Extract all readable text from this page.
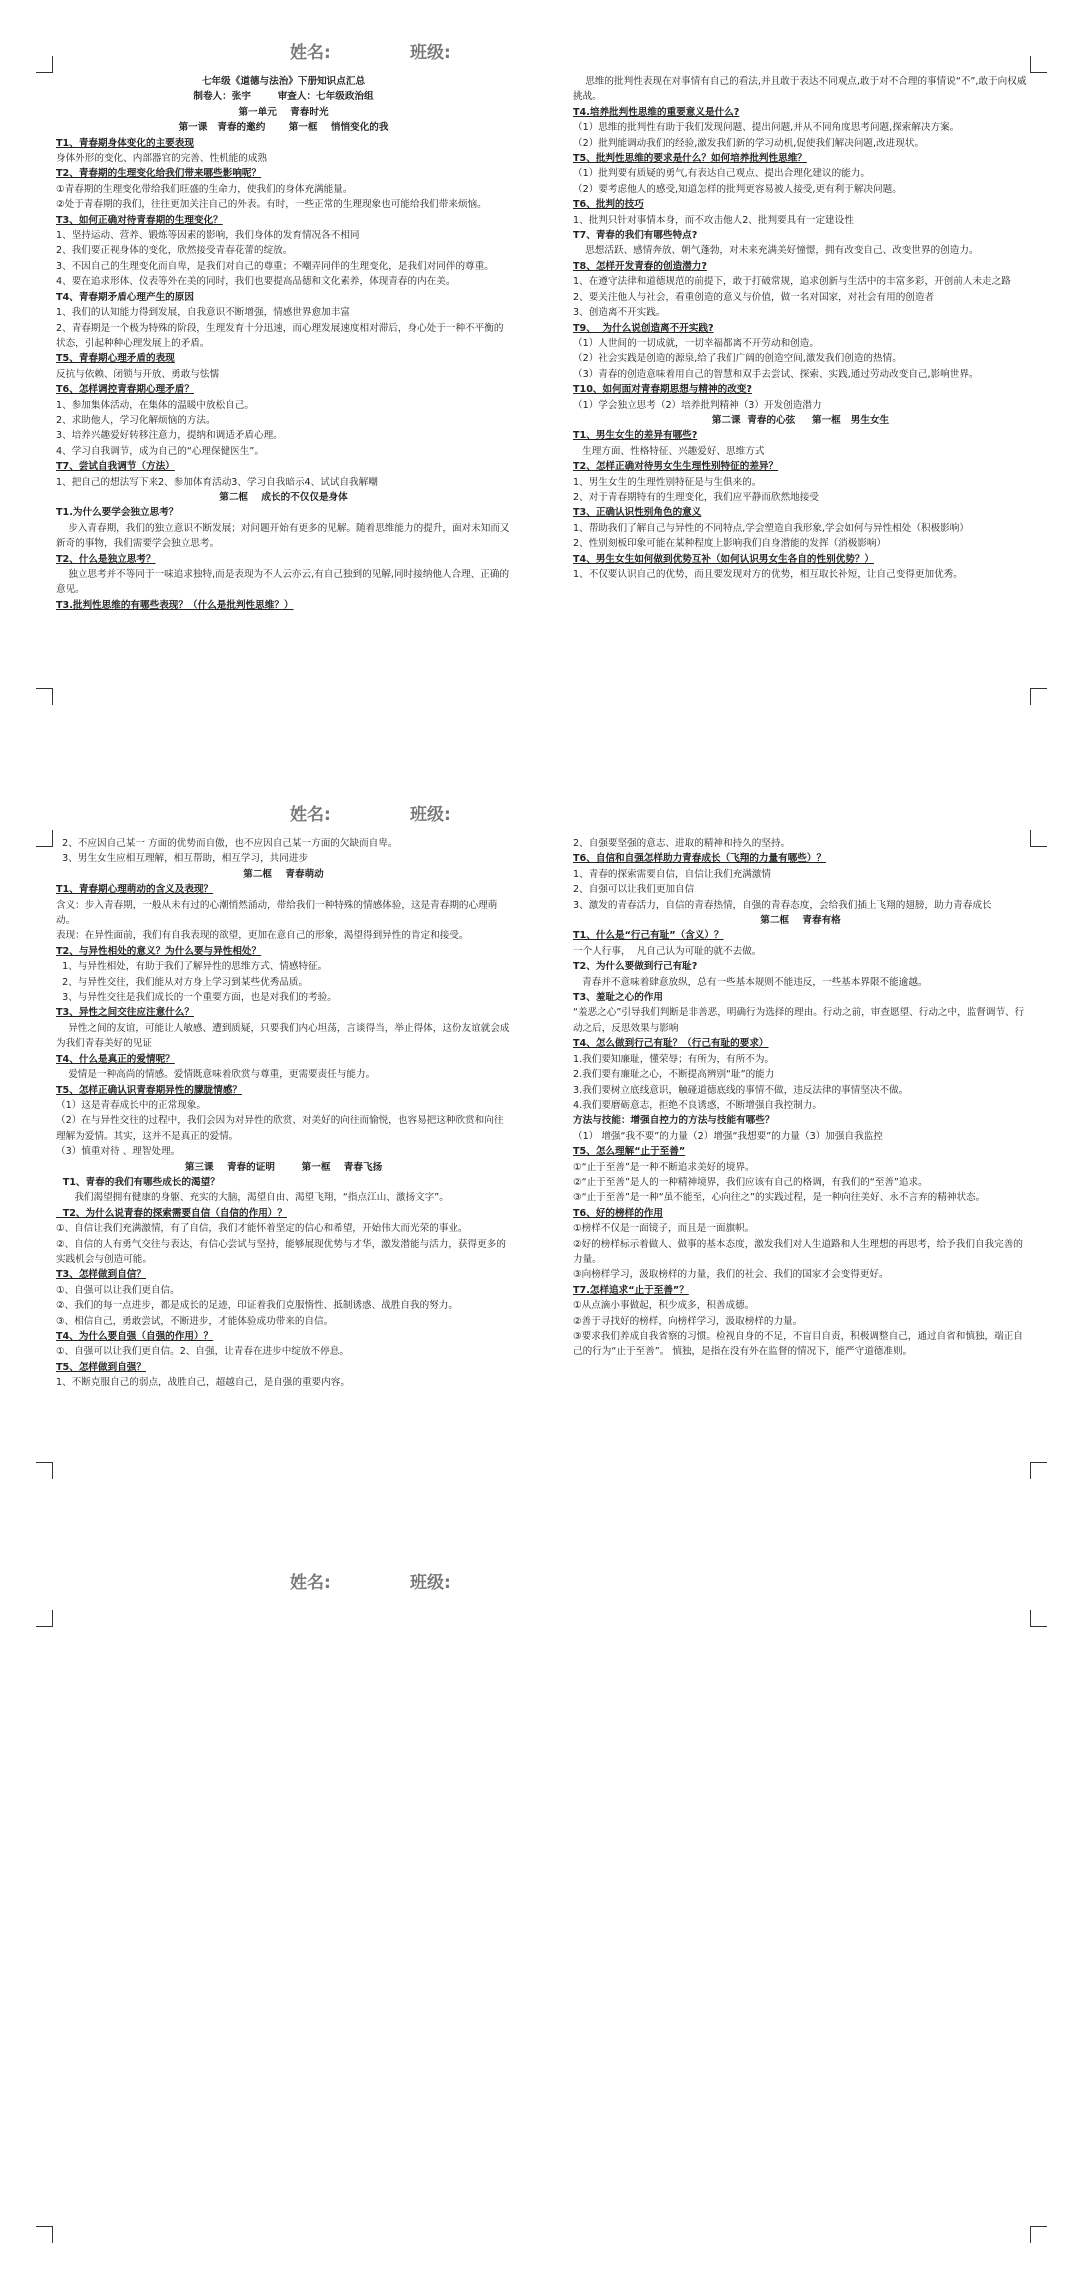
姓名:	班级:

七年级《道德与法治》下册知识点汇总

制卷人：张宇        审查人：七年级政治组

第一单元    青春时光

第一课   青春的邀约       第一框    悄悄变化的我

T1、青春期身体变化的主要表现

身体外形的变化、内部器官的完善、性机能的成熟

T2、青春期的生理变化给我们带来哪些影响呢？

①青春期的生理变化带给我们旺盛的生命力，使我们的身体充满能量。

②处于青春期的我们，往往更加关注自己的外表。有时，一些正常的生理现象也可能给我们带来烦恼。

T3、如何正确对待青春期的生理变化？

1、坚持运动、营养、锻炼等因素的影响，我们身体的发育情况各不相同

2、我们要正视身体的变化，欣然接受青春花蕾的绽放。

3、不因自己的生理变化而自卑，是我们对自己的尊重；不嘲弄同伴的生理变化，是我们对同伴的尊重。

4、要在追求形体、仪表等外在美的同时，我们也要提高品德和文化素养，体现青春的内在美。

T4、青春期矛盾心理产生的原因

1、我们的认知能力得到发展，自我意识不断增强，情感世界愈加丰富

2、青春期是一个极为特殊的阶段，生理发育十分迅速，而心理发展速度相对滞后，身心处于一种不平衡的状态，引起种种心理发展上的矛盾。

T5、青春期心理矛盾的表现

反抗与依赖、闭锁与开放、勇敢与怯懦

T6、怎样调控青春期心理矛盾？

1、参加集体活动，在集体的温暖中放松自己。

2、求助他人，学习化解烦恼的方法。

3、培养兴趣爱好转移注意力，提纳和调适矛盾心理。

4、学习自我调节，成为自己的“心理保健医生”。

T7、尝试自我调节（方法）

1、把自己的想法写下来2、参加体育活动3、学习自我暗示4、试试自我解嘲

第二框    成长的不仅仅是身体

T1.为什么要学会独立思考？

步入青春期，我们的独立意识不断发展；对问题开始有更多的见解。随着思维能力的提升，面对未知而又新奇的事物，我们需要学会独立思考。

T2、什么是独立思考？

独立思考并不等同于一味追求独特,而是表现为不人云亦云,有自己独到的见解,同时接纳他人合理、正确的意见。

T3.批判性思维的有哪些表现？（什么是批判性思维？）

思维的批判性表现在对事情有自己的看法,并且敢于表达不同观点,敢于对不合理的事情说“不”,敢于向权威挑战。

T4.培养批判性思维的重要意义是什么?

（1）思维的批判性有助于我们发现问题、提出问题,并从不同角度思考问题,探索解决方案。

（2）批判能调动我们的经验,激发我们新的学习动机,促使我们解决问题,改进现状。

T5、批判性思维的要求是什么？如何培养批判性思维？

（1）批判要有质疑的勇气,有表达自己观点、提出合理化建议的能力。

（2）要考虑他人的感受,知道怎样的批判更容易被人接受,更有利于解决问题。

T6、批判的技巧

1、批判只针对事情本身，而不攻击他人2、批判要具有一定建设性

T7、青春的我们有哪些特点?

思想活跃、感情奔放、朝气蓬勃，对未来充满美好憧憬，拥有改变自己、改变世界的创造力。

T8、怎样开发青春的创造潜力?

1、在遵守法律和道德规范的前提下，敢于打破常规，追求创新与生活中的丰富多彩，开创前人未走之路

2、要关注他人与社会，看重创造的意义与价值，做一名对国家，对社会有用的创造者

3、创造离不开实践。

T9、  为什么说创造离不开实践?

（1）人世间的一切成就，一切幸福都离不开劳动和创造。

（2）社会实践是创造的源泉,给了我们广阔的创造空间,激发我们创造的热情。

（3）青春的创造意味着用自己的智慧和双手去尝试、探索、实践,通过劳动改变自己,影响世界。

T10、如何面对青春期思想与精神的改变?

（1）学会独立思考（2）培养批判精神（3）开发创造潜力

第二课  青春的心弦     第一框   男生女生

T1、男生女生的差异有哪些?

生理方面、性格特征、兴趣爱好、思维方式

T2、怎样正确对待男女生生理性别特征的差异？

1、男生女生的生理性别特征是与生俱来的。

2、对于青春期特有的生理变化，我们应平静而欣然地接受

T3、正确认识性别角色的意义

1、帮助我们了解自己与异性的不同特点,学会塑造自我形象,学会如何与异性相处（积极影响）

2、性别刻板印象可能在某种程度上影响我们自身潜能的发挥（消极影响）

T4、男生女生如何做到优势互补（如何认识男女生各自的性别优势？）

1、不仅要认识自己的优势，而且要发现对方的优势，相互取长补短，让自己变得更加优秀。

姓名:	班级:

2、不应因自己某一 方面的优势而自傲，也不应因自己某一方面的欠缺而自卑。

3、男生女生应相互理解，相互帮助，相互学习，共同进步

第二框    青春萌动

T1、青春期心理萌动的含义及表现？

含义：步入青春期，一般从未有过的心潮悄然涌动，带给我们一种特殊的情感体验，这是青春期的心理萌动。

表现：在异性面前，我们有自我表现的欲望，更加在意自己的形象，渴望得到异性的肯定和接受。

T2、与异性相处的意义？为什么要与异性相处？

1、与异性相处，有助于我们了解异性的思维方式、情感特征。

2、与异性交往，我们能从对方身上学习到某些优秀品质。

3、与异性交往是我们成长的一个重要方面，也是对我们的考验。

T3、异性之间交往应注意什么？

异性之间的友谊，可能让人敏感、遭到质疑，只要我们内心坦荡，言谈得当，举止得体，这份友谊就会成为我们青春美好的见证

T4、什么是真正的爱情呢？

爱情是一种高尚的情感。爱情既意味着欣赏与尊重，更需要责任与能力。

T5、怎样正确认识青春期异性的朦胧情感？

（1）这是青春成长中的正常现象。

（2）在与异性交往的过程中，我们会因为对异性的欣赏、对美好的向往而愉悦，也容易把这种欣赏和向往理解为爱情。其实，这并不是真正的爱情。

（3）慎重对待 、理智处理。

第三课    青春的证明        第一框    青春飞扬

T1、青春的我们有哪些成长的渴望？

我们渴望拥有健康的身躯、充实的大脑，渴望自由、渴望飞翔，“指点江山、激扬文字”。

T2、为什么说青春的探索需要自信（自信的作用）？

①、自信让我们充满激情，有了自信，我们才能怀着坚定的信心和希望，开始伟大而光荣的事业。

②、自信的人有勇气交往与表达，有信心尝试与坚持，能够展现优势与才华，激发潜能与活力，获得更多的实践机会与创造可能。

T3、怎样做到自信？

①、自强可以让我们更自信。

②、我们的每一点进步，都是成长的足迹，印证着我们克服惰性、抵制诱惑、战胜自我的努力。

③、相信自己，勇敢尝试，不断进步，才能体验成功带来的自信。

T4、为什么要自强（自强的作用）？

①、自强可以让我们更自信。2、自强，让青春在进步中绽放不停息。

T5、怎样做到自强？

1、不断克服自己的弱点，战胜自己，超越自己，是自强的重要内容。

2、自强要坚强的意志、进取的精神和持久的坚持。

T6、自信和自强怎样助力青春成长（飞翔的力量有哪些）？

1、青春的探索需要自信，自信让我们充满激情

2、自强可以让我们更加自信

3、激发的青春活力，自信的青春热情，自强的青春态度，会给我们插上飞翔的翅膀，助力青春成长

第二框    青春有格

T1、什么是“行己有耻”（含义）？

一个人行事，  凡自己认为可耻的就不去做。

T2、为什么要做到行己有耻?

青春并不意味着肆意放纵，总有一些基本规则不能违反，一些基本界限不能逾越。

T3、羞耻之心的作用

“羞恶之心”引导我们判断是非善恶，明确行为选择的理由。行动之前，审查愿望、行动之中，监督调节、行动之后，反思效果与影响

T4、怎么做到行己有耻？（行己有耻的要求）

1.我们要知廉耻，懂荣辱；有所为，有所不为。

2.我们要有廉耻之心，不断提高辨别“耻”的能力

3.我们要树立底线意识，触碰道德底线的事情不做，违反法律的事情坚决不做。

4.我们要磨砺意志，拒绝不良诱惑，不断增强自我控制力。

方法与技能：增强自控力的方法与技能有哪些？

（1） 增强“我不要”的力量（2）增强“我想要”的力量（3）加强自我监控

T5、怎么理解“止于至善”

①“止于至善”是一种不断追求美好的境界。

②“止于至善”是人的一种精神境界，我们应该有自己的格调，有我们的“至善”追求。

③“止于至善”是一种“虽不能至，心向往之”的实践过程，是一种向往美好、永不言弃的精神状态。

T6、好的榜样的作用

①榜样不仅是一面镜子，而且是一面旗帜。

②好的榜样标示着做人、做事的基本态度，激发我们对人生道路和人生理想的再思考，给予我们自我完善的力量。

③向榜样学习，汲取榜样的力量，我们的社会、我们的国家才会变得更好。

T7.怎样追求“止于至善”？

①从点滴小事做起，积少成多，积善成德。

②善于寻找好的榜样，向榜样学习，汲取榜样的力量。

③要求我们养成自我省察的习惯。检视自身的不足，不盲目自责，积极调整自己，通过自省和慎独，端正自己的行为“止于至善”。 慎独，是指在没有外在监督的情况下，能严守道德准则。

姓名:	班级:
